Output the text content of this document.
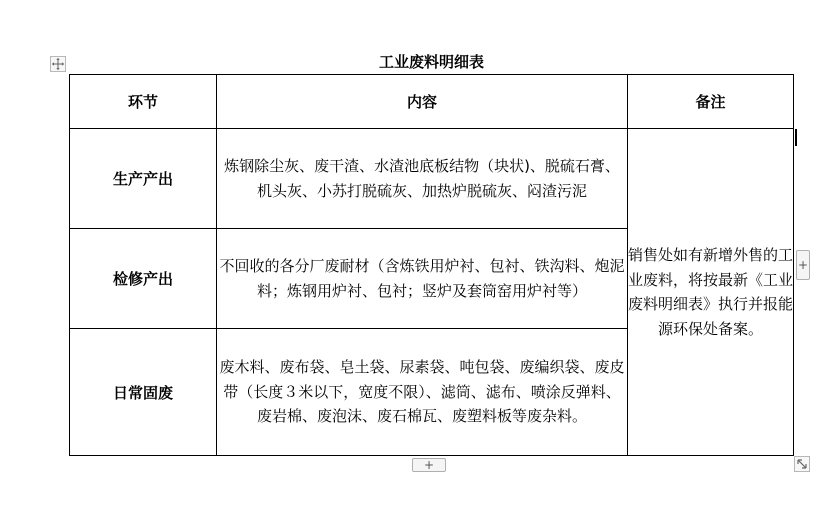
工业废料明细表
环节	内容	备注
生产产出	炼钢除尘灰、废干渣、水渣池底板结物（块状)、脱硫石膏、机头灰、小苏打脱硫灰、加热炉脱硫灰、闷渣污泥	销售处如有新增外售的工业废料，将按最新《工业废料明细表》执行并报能源环保处备案。
检修产出	不回收的各分厂废耐材（含炼铁用炉衬、包衬、铁沟料、炮泥料；炼钢用炉衬、包衬；竖炉及套筒窑用炉衬等）	
日常固废	废木料、废布袋、皂土袋、尿素袋、吨包袋、废编织袋、废皮带（长度３米以下，宽度不限）、滤筒、滤布、喷涂反弹料、废岩棉、废泡沫、废石棉瓦、废塑料板等废杂料。	
+
+
